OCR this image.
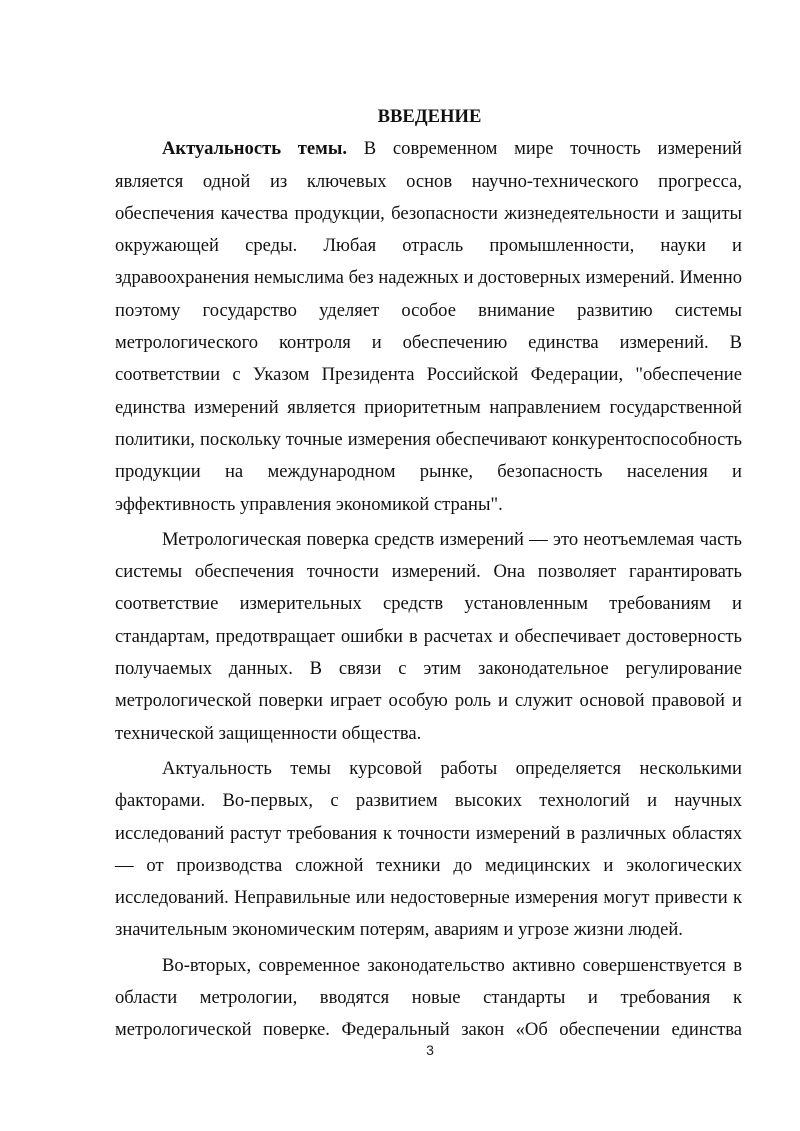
ВВЕДЕНИЕ

Актуальность темы. В современном мире точность измерений является одной из ключевых основ научно-технического прогресса, обеспечения качества продукции, безопасности жизнедеятельности и защиты окружающей среды. Любая отрасль промышленности, науки и здравоохранения немыслима без надежных и достоверных измерений. Именно поэтому государство уделяет особое внимание развитию системы метрологического контроля и обеспечению единства измерений. В соответствии с Указом Президента Российской Федерации, "обеспечение единства измерений является приоритетным направлением государственной политики, поскольку точные измерения обеспечивают конкурентоспособность продукции на международном рынке, безопасность населения и эффективность управления экономикой страны".

Метрологическая поверка средств измерений — это неотъемлемая часть системы обеспечения точности измерений. Она позволяет гарантировать соответствие измерительных средств установленным требованиям и стандартам, предотвращает ошибки в расчетах и обеспечивает достоверность получаемых данных. В связи с этим законодательное регулирование метрологической поверки играет особую роль и служит основой правовой и технической защищенности общества.

Актуальность темы курсовой работы определяется несколькими факторами. Во-первых, с развитием высоких технологий и научных исследований растут требования к точности измерений в различных областях — от производства сложной техники до медицинских и экологических исследований. Неправильные или недостоверные измерения могут привести к значительным экономическим потерям, авариям и угрозе жизни людей.

Во-вторых, современное законодательство активно совершенствуется в области метрологии, вводятся новые стандарты и требования к метрологической поверке. Федеральный закон «Об обеспечении единства

3
